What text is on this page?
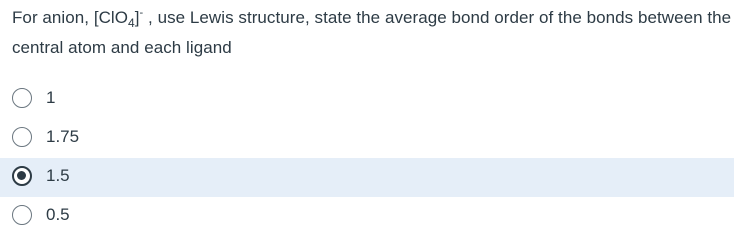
For anion, [ClO$_4$]- , use Lewis structure, state the average bond order of the bonds between the central atom and each ligand
1
1.75
1.5
0.5
